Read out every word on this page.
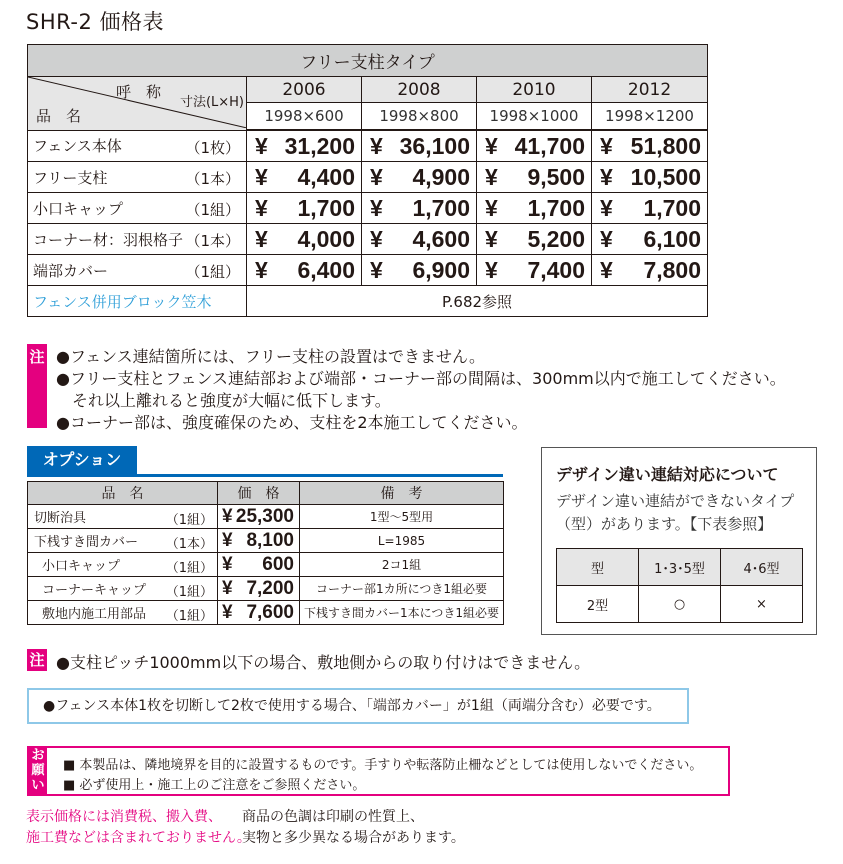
SHR-2 価格表
フリー支柱タイプ				

呼　称
品　名
寸法(L×H)	2006	2008	2010	2012
	1998×600	1998×800	1998×1000	1998×1200
フェンス本体 （1枚）	¥ 31,200	¥ 36,100	¥ 41,700	¥ 51,800

フリー支柱 （1本）	¥ 4,400	¥ 4,900	¥ 9,500	¥ 10,500

小口キャップ （1組）	¥ 1,700	¥ 1,700	¥ 1,700	¥ 1,700

コーナー材：羽根格子 （1本）	¥ 4,000	¥ 4,600	¥ 5,200	¥ 6,100

端部カバー （1組）	¥ 6,400	¥ 6,900	¥ 7,400	¥ 7,800

フェンス併用ブロック笠木	P.682参照			
注 ●フェンス連結箇所には、フリー支柱の設置はできません。
●フリー支柱とフェンス連結部および端部・コーナー部の間隔は、300mm以内で施工してください。
　それ以上離れると強度が大幅に低下します。
●コーナー部は、強度確保のため、支柱を2本施工してください。
オプション
品　名	価　格	備　考
切断治具 （1組）	¥ 25,300	1型〜5型用
下桟すき間カバー （1本）	¥ 8,100	L=1985
小口キャップ （1組）	¥ 600	2コ1組
コーナーキャップ （1組）	¥ 7,200	コーナー部1カ所につき1組必要
敷地内施工用部品 （1組）	¥ 7,600	下桟すき間カバー1本につき1組必要
デザイン違い連結対応について
デザイン違い連結ができないタイプ（型）があります。【下表参照】
型	1･3･5型	4･6型
2型	○	×
注 ●支柱ピッチ1000mm以下の場合、敷地側からの取り付けはできません。
●フェンス本体1枚を切断して2枚で使用する場合、「端部カバー」が1組（両端分含む）必要です。
お願い
■ 本製品は、隣地境界を目的に設置するものです。手すりや転落防止柵などとしては使用しないでください。
■ 必ず使用上・施工上のご注意をご参照ください。
表示価格には消費税、搬入費、
施工費などは含まれておりません。
商品の色調は印刷の性質上、
実物と多少異なる場合があります。
